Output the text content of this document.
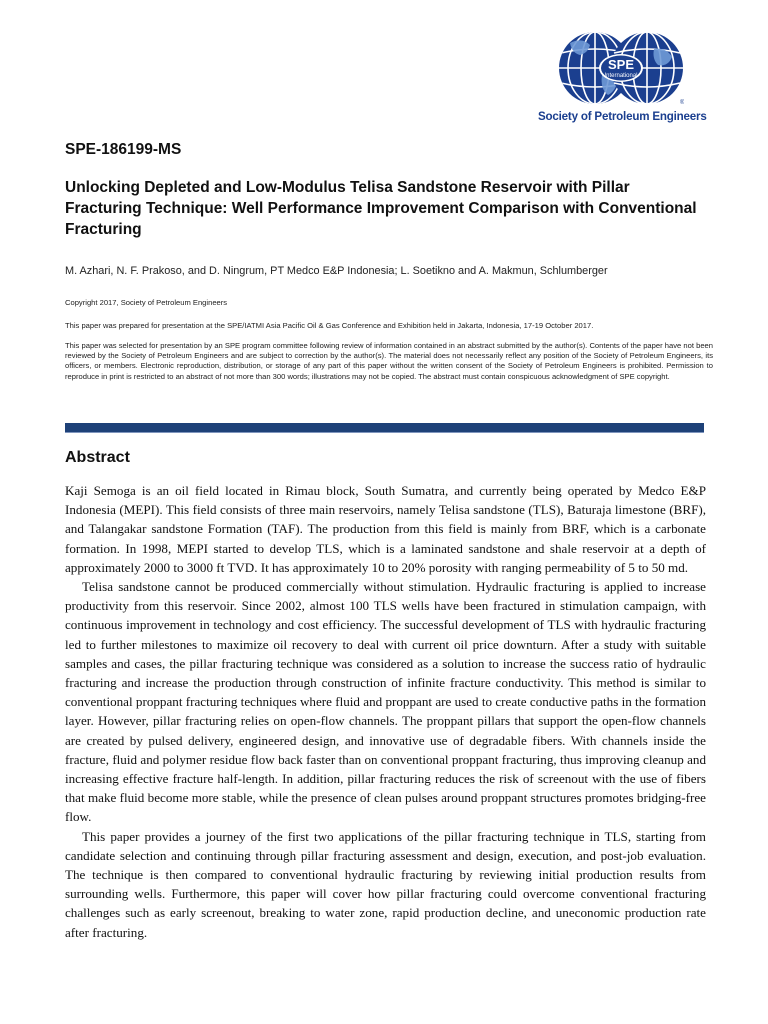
SPE
International
®
Society of Petroleum Engineers
SPE-186199-MS
Unlocking Depleted and Low-Modulus Telisa Sandstone Reservoir with Pillar Fracturing Technique: Well Performance Improvement Comparison with Conventional Fracturing
M. Azhari, N. F. Prakoso, and D. Ningrum, PT Medco E&P Indonesia; L. Soetikno and A. Makmun, Schlumberger

Copyright 2017, Society of Petroleum Engineers

This paper was prepared for presentation at the SPE/IATMI Asia Pacific Oil & Gas Conference and Exhibition held in Jakarta, Indonesia, 17-19 October 2017.

This paper was selected for presentation by an SPE program committee following review of information contained in an abstract submitted by the author(s). Contents of the paper have not been reviewed by the Society of Petroleum Engineers and are subject to correction by the author(s). The material does not necessarily reflect any position of the Society of Petroleum Engineers, its officers, or members. Electronic reproduction, distribution, or storage of any part of this paper without the written consent of the Society of Petroleum Engineers is prohibited. Permission to reproduce in print is restricted to an abstract of not more than 300 words; illustrations may not be copied. The abstract must contain conspicuous acknowledgment of SPE copyright.

Abstract

Kaji Semoga is an oil field located in Rimau block, South Sumatra, and currently being operated by Medco E&P Indonesia (MEPI). This field consists of three main reservoirs, namely Telisa sandstone (TLS), Baturaja limestone (BRF), and Talangakar sandstone Formation (TAF). The production from this field is mainly from BRF, which is a carbonate formation. In 1998, MEPI started to develop TLS, which is a laminated sandstone and shale reservoir at a depth of approximately 2000 to 3000 ft TVD. It has approximately 10 to 20% porosity with ranging permeability of 5 to 50 md.

Telisa sandstone cannot be produced commercially without stimulation. Hydraulic fracturing is applied to increase productivity from this reservoir. Since 2002, almost 100 TLS wells have been fractured in stimulation campaign, with continuous improvement in technology and cost efficiency. The successful development of TLS with hydraulic fracturing led to further milestones to maximize oil recovery to deal with current oil price downturn. After a study with suitable samples and cases, the pillar fracturing technique was considered as a solution to increase the success ratio of hydraulic fracturing and increase the production through construction of infinite fracture conductivity. This method is similar to conventional proppant fracturing techniques where fluid and proppant are used to create conductive paths in the formation layer. However, pillar fracturing relies on open-flow channels. The proppant pillars that support the open-flow channels are created by pulsed delivery, engineered design, and innovative use of degradable fibers. With channels inside the fracture, fluid and polymer residue flow back faster than on conventional proppant fracturing, thus improving cleanup and increasing effective fracture half-length. In addition, pillar fracturing reduces the risk of screenout with the use of fibers that make fluid become more stable, while the presence of clean pulses around proppant structures promotes bridging-free flow.

This paper provides a journey of the first two applications of the pillar fracturing technique in TLS, starting from candidate selection and continuing through pillar fracturing assessment and design, execution, and post-job evaluation. The technique is then compared to conventional hydraulic fracturing by reviewing initial production results from surrounding wells. Furthermore, this paper will cover how pillar fracturing could overcome conventional fracturing challenges such as early screenout, breaking to water zone, rapid production decline, and uneconomic production rate after fracturing.
